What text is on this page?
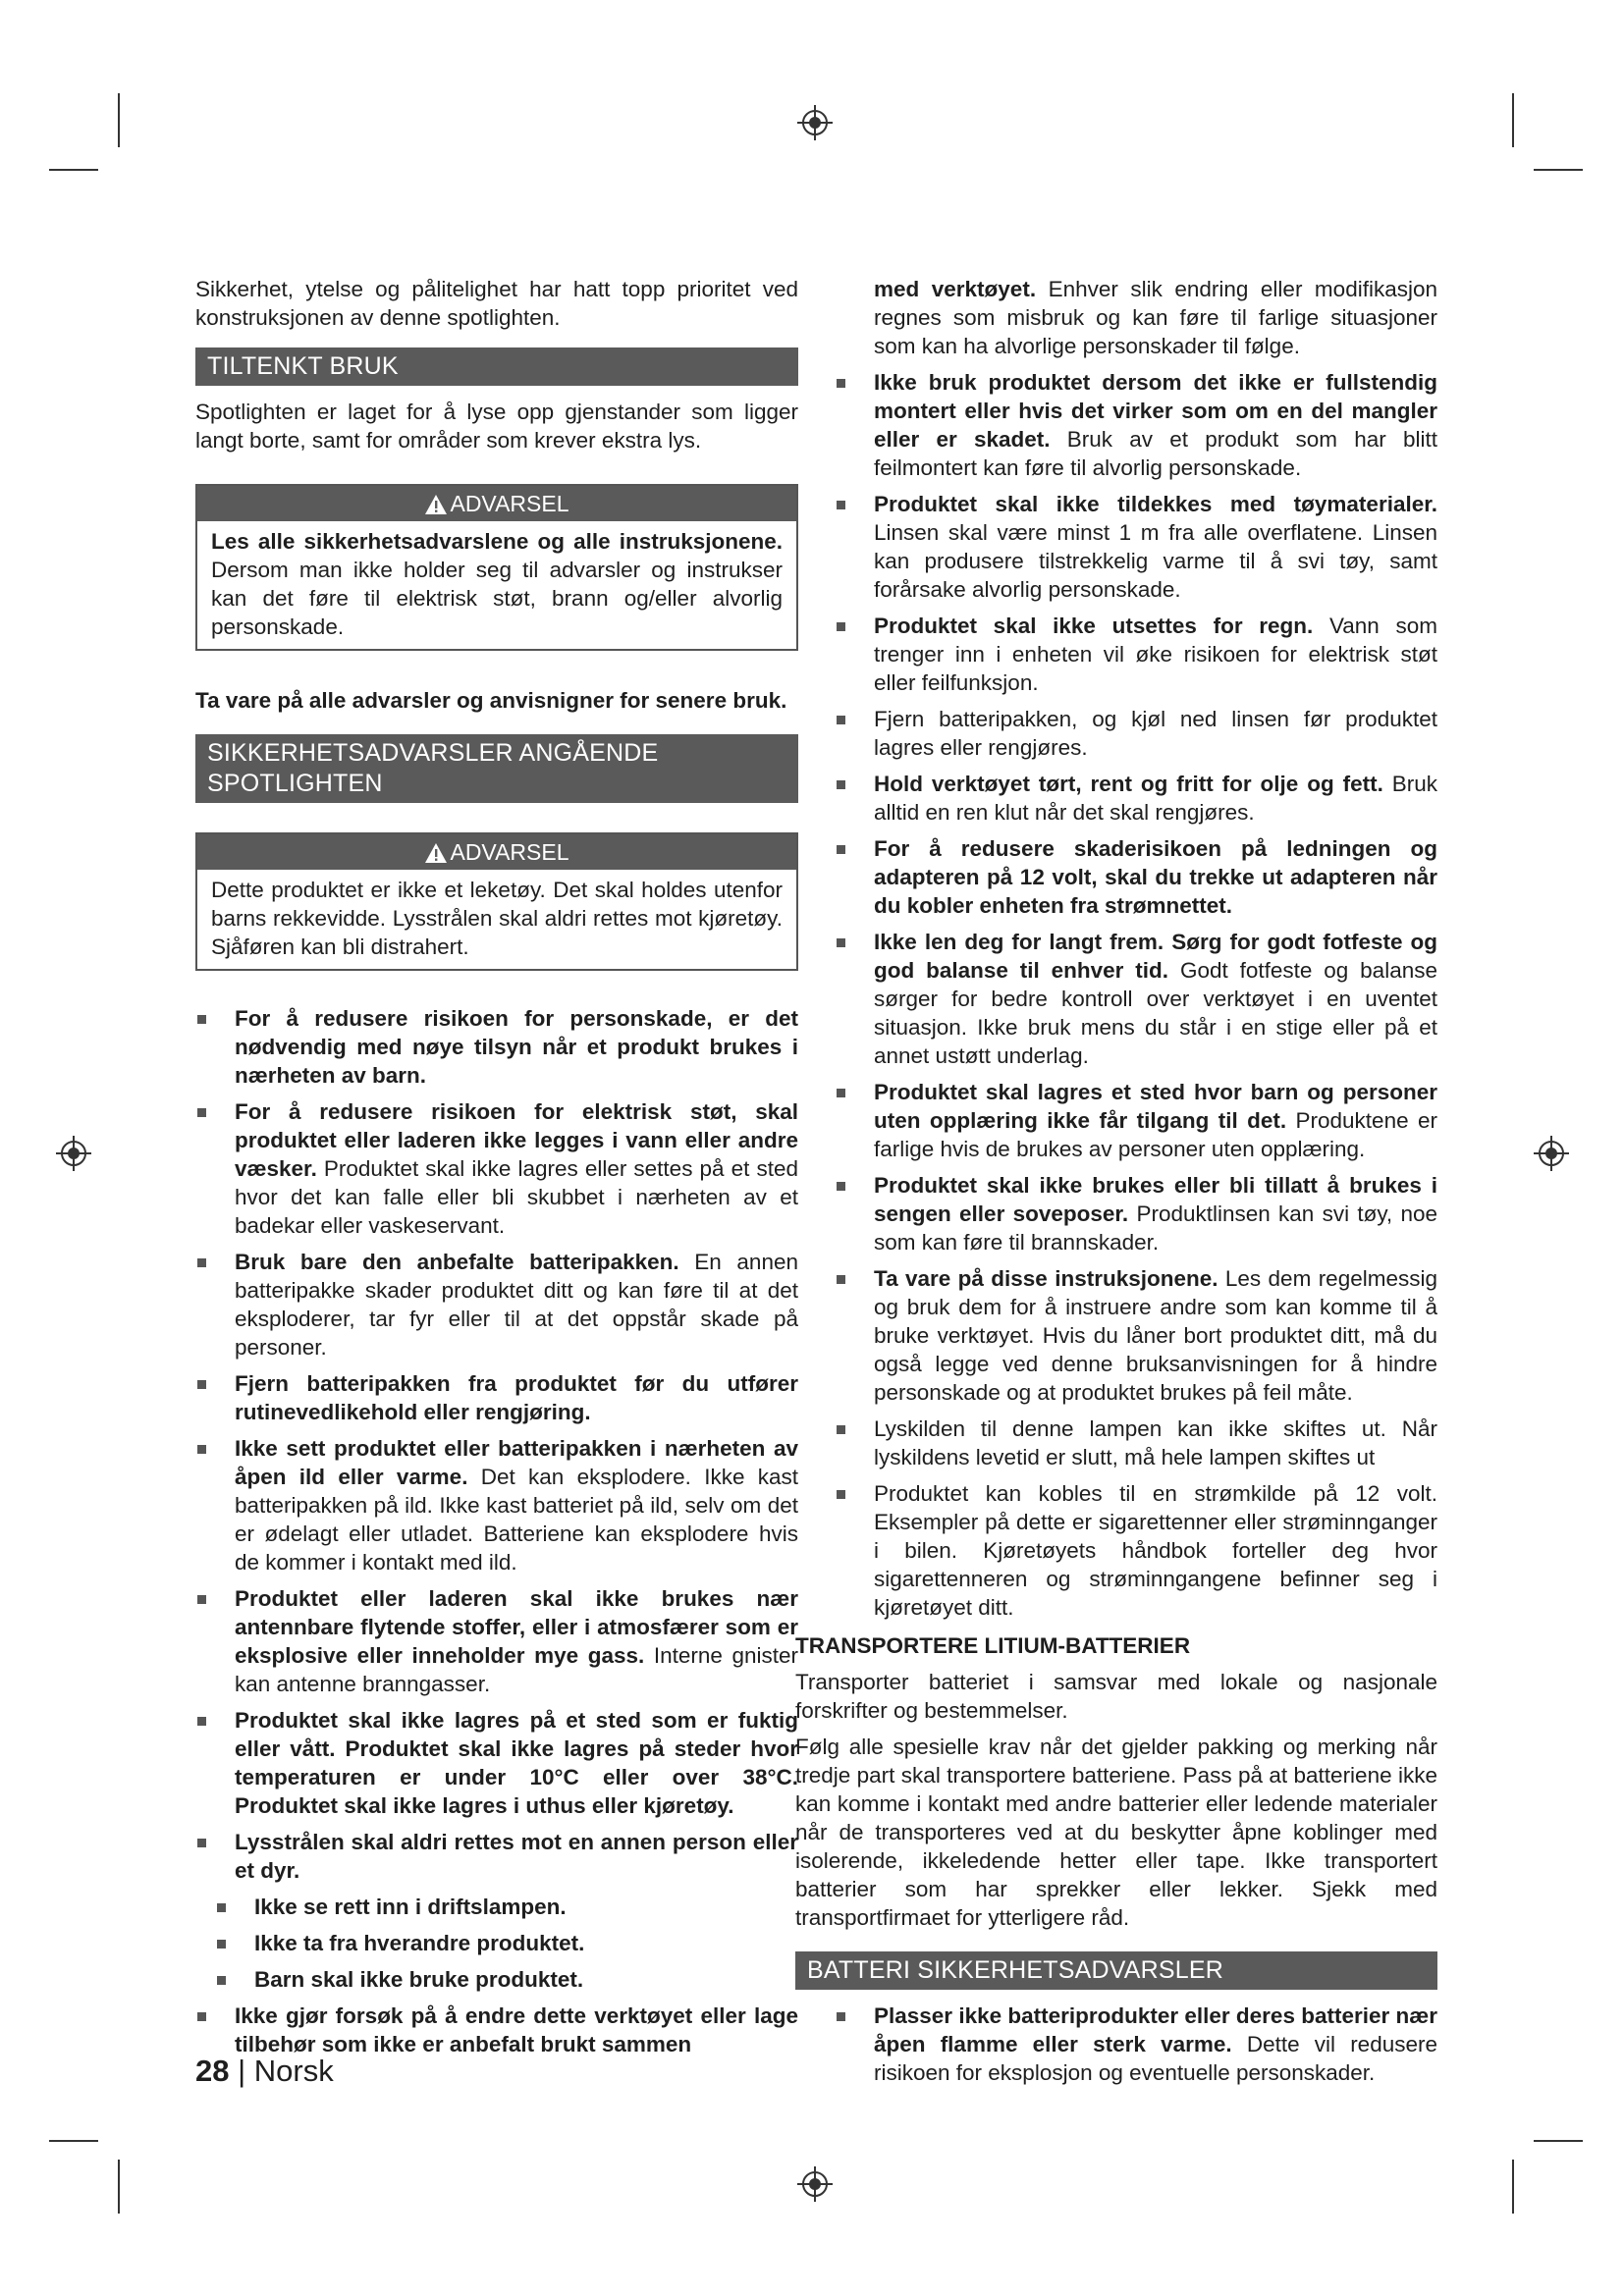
Sikkerhet, ytelse og pålitelighet har hatt topp prioritet ved konstruksjonen av denne spotlighten.

TILTENKT BRUK

Spotlighten er laget for å lyse opp gjenstander som ligger langt borte, samt for områder som krever ekstra lys.

ADVARSEL
Les alle sikkerhetsadvarslene og alle instruksjonene. Dersom man ikke holder seg til advarsler og instrukser kan det føre til elektrisk støt, brann og/eller alvorlig personskade.

Ta vare på alle advarsler og anvisnigner for senere bruk.

SIKKERHETSADVARSLER ANGÅENDE SPOTLIGHTEN
ADVARSEL
Dette produktet er ikke et leketøy. Det skal holdes utenfor barns rekkevidde. Lysstrålen skal aldri rettes mot kjøretøy. Sjåføren kan bli distrahert.
For å redusere risikoen for personskade, er det nødvendig med nøye tilsyn når et produkt brukes i nærheten av barn.
For å redusere risikoen for elektrisk støt, skal produktet eller laderen ikke legges i vann eller andre væsker. Produktet skal ikke lagres eller settes på et sted hvor det kan falle eller bli skubbet i nærheten av et badekar eller vaskeservant.
Bruk bare den anbefalte batteripakken. En annen batteripakke skader produktet ditt og kan føre til at det eksploderer, tar fyr eller til at det oppstår skade på personer.
Fjern batteripakken fra produktet før du utfører rutinevedlikehold eller rengjøring.
Ikke sett produktet eller batteripakken i nærheten av åpen ild eller varme. Det kan eksplodere. Ikke kast batteripakken på ild. Ikke kast batteriet på ild, selv om det er ødelagt eller utladet. Batteriene kan eksplodere hvis de kommer i kontakt med ild.
Produktet eller laderen skal ikke brukes nær antennbare flytende stoffer, eller i atmosfærer som er eksplosive eller inneholder mye gass. Interne gnister kan antenne branngasser.
Produktet skal ikke lagres på et sted som er fuktig eller vått. Produktet skal ikke lagres på steder hvor temperaturen er under 10°C eller over 38°C. Produktet skal ikke lagres i uthus eller kjøretøy.
Lysstrålen skal aldri rettes mot en annen person eller et dyr.
Ikke se rett inn i driftslampen.
Ikke ta fra hverandre produktet.
Barn skal ikke bruke produktet.
Ikke gjør forsøk på å endre dette verktøyet eller lage tilbehør som ikke er anbefalt brukt sammen

med verktøyet. Enhver slik endring eller modifikasjon regnes som misbruk og kan føre til farlige situasjoner som kan ha alvorlige personskader til følge.

Ikke bruk produktet dersom det ikke er fullstendig montert eller hvis det virker som om en del mangler eller er skadet. Bruk av et produkt som har blitt feilmontert kan føre til alvorlig personskade.
Produktet skal ikke tildekkes med tøymaterialer. Linsen skal være minst 1 m fra alle overflatene. Linsen kan produsere tilstrekkelig varme til å svi tøy, samt forårsake alvorlig personskade.
Produktet skal ikke utsettes for regn. Vann som trenger inn i enheten vil øke risikoen for elektrisk støt eller feilfunksjon.
Fjern batteripakken, og kjøl ned linsen før produktet lagres eller rengjøres.
Hold verktøyet tørt, rent og fritt for olje og fett. Bruk alltid en ren klut når det skal rengjøres.
For å redusere skaderisikoen på ledningen og adapteren på 12 volt, skal du trekke ut adapteren når du kobler enheten fra strømnettet.
Ikke len deg for langt frem. Sørg for godt fotfeste og god balanse til enhver tid. Godt fotfeste og balanse sørger for bedre kontroll over verktøyet i en uventet situasjon. Ikke bruk mens du står i en stige eller på et annet ustøtt underlag.
Produktet skal lagres et sted hvor barn og personer uten opplæring ikke får tilgang til det. Produktene er farlige hvis de brukes av personer uten opplæring.
Produktet skal ikke brukes eller bli tillatt å brukes i sengen eller soveposer. Produktlinsen kan svi tøy, noe som kan føre til brannskader.
Ta vare på disse instruksjonene. Les dem regelmessig og bruk dem for å instruere andre som kan komme til å bruke verktøyet. Hvis du låner bort produktet ditt, må du også legge ved denne bruksanvisningen for å hindre personskade og at produktet brukes på feil måte.
Lyskilden til denne lampen kan ikke skiftes ut. Når lyskildens levetid er slutt, må hele lampen skiftes ut
Produktet kan kobles til en strømkilde på 12 volt. Eksempler på dette er sigarettenner eller strøminnganger i bilen. Kjøretøyets håndbok forteller deg hvor sigarettenneren og strøminngangene befinner seg i kjøretøyet ditt.
TRANSPORTERE LITIUM-BATTERIER

Transporter batteriet i samsvar med lokale og nasjonale forskrifter og bestemmelser.

Følg alle spesielle krav når det gjelder pakking og merking når tredje part skal transportere batteriene. Pass på at batteriene ikke kan komme i kontakt med andre batterier eller ledende materialer når de transporteres ved at du beskytter åpne koblinger med isolerende, ikkeledende hetter eller tape. Ikke transportert batterier som har sprekker eller lekker. Sjekk med transportfirmaet for ytterligere råd.

BATTERI SIKKERHETSADVARSLER
Plasser ikke batteriprodukter eller deres batterier nær åpen flamme eller sterk varme. Dette vil redusere risikoen for eksplosjon og eventuelle personskader.
28 | Norsk
